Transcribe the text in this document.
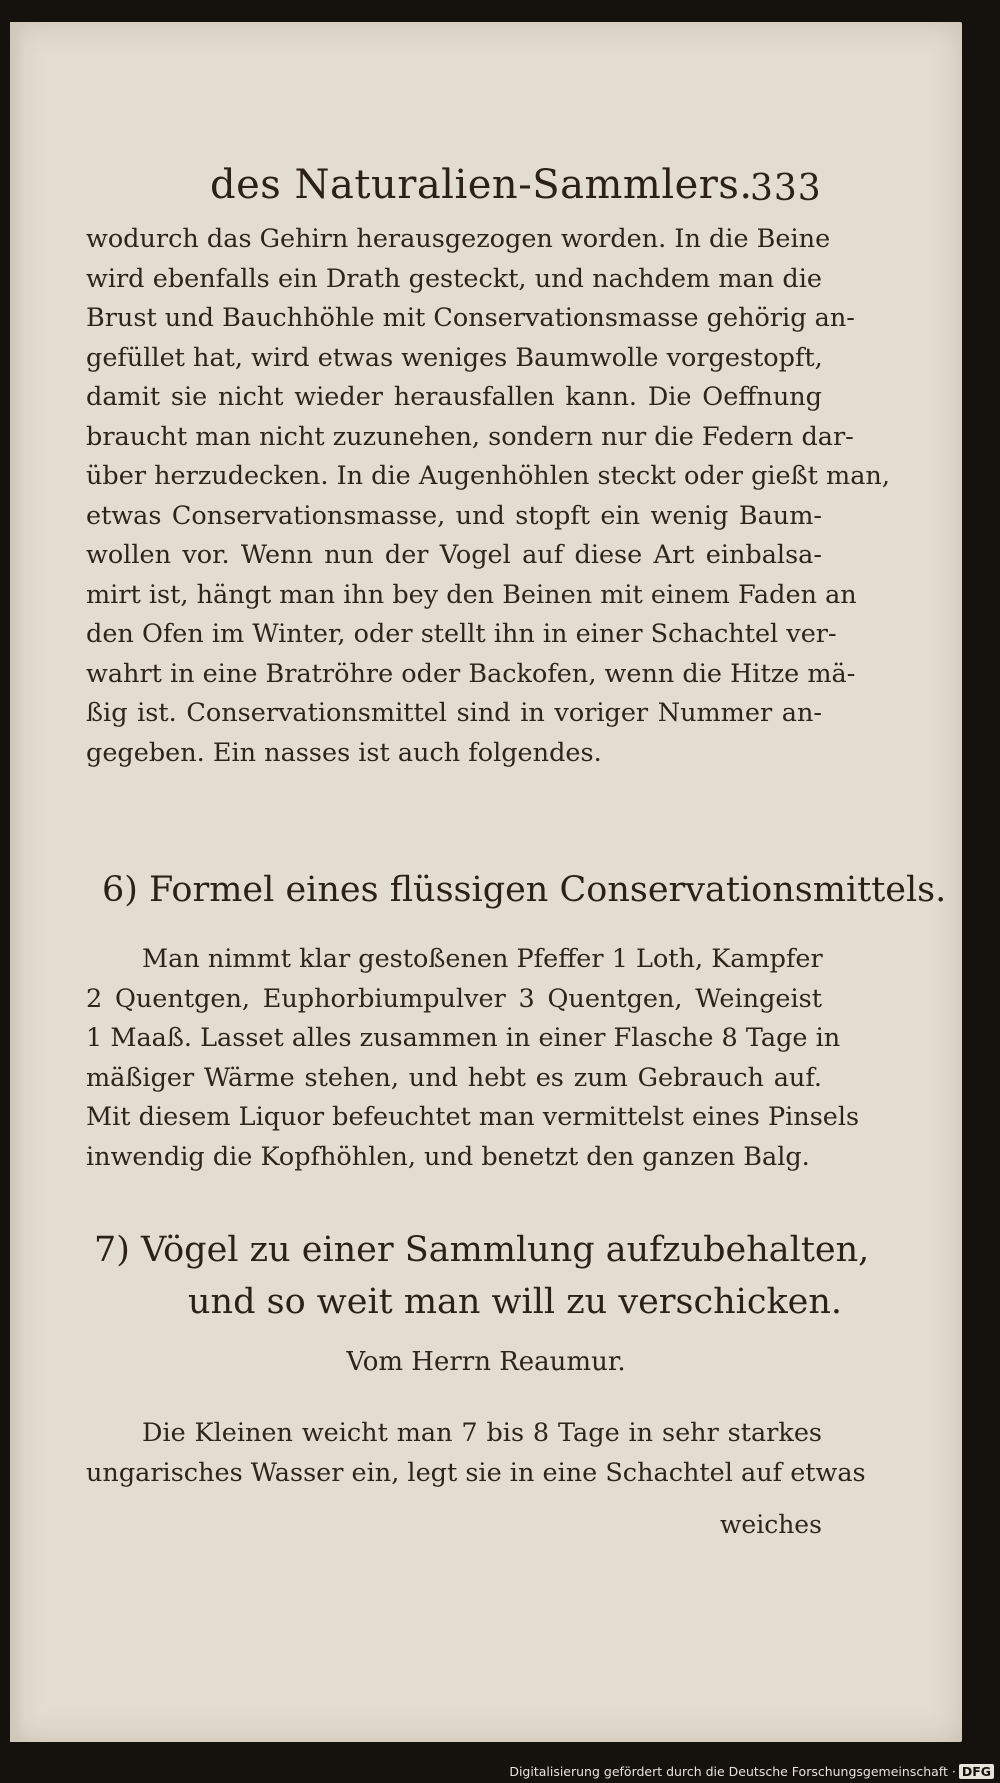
des Naturalien-Sammlers.
333
wodurch das Gehirn herausgezogen worden. In die Beine
wird ebenfalls ein Drath gesteckt, und nachdem man die
Brust und Bauchhöhle mit Conservationsmasse gehörig an-
gefüllet hat, wird etwas weniges Baumwolle vorgestopft,
damit sie nicht wieder herausfallen kann. Die Oeffnung
braucht man nicht zuzunehen, sondern nur die Federn dar-
über herzudecken. In die Augenhöhlen steckt oder gießt man,
etwas Conservationsmasse, und stopft ein wenig Baum-
wollen vor. Wenn nun der Vogel auf diese Art einbalsa-
mirt ist, hängt man ihn bey den Beinen mit einem Faden an
den Ofen im Winter, oder stellt ihn in einer Schachtel ver-
wahrt in eine Bratröhre oder Backofen, wenn die Hitze mä-
ßig ist. Conservationsmittel sind in voriger Nummer an-
gegeben. Ein nasses ist auch folgendes.
6) Formel eines flüssigen Conservationsmittels.
Man nimmt klar gestoßenen Pfeffer 1 Loth, Kampfer
2 Quentgen, Euphorbiumpulver 3 Quentgen, Weingeist
1 Maaß. Lasset alles zusammen in einer Flasche 8 Tage in
mäßiger Wärme stehen, und hebt es zum Gebrauch auf.
Mit diesem Liquor befeuchtet man vermittelst eines Pinsels
inwendig die Kopfhöhlen, und benetzt den ganzen Balg.
7) Vögel zu einer Sammlung aufzubehalten,
und so weit man will zu verschicken.
Vom Herrn Reaumur.
Die Kleinen weicht man 7 bis 8 Tage in sehr starkes
ungarisches Wasser ein, legt sie in eine Schachtel auf etwas
weiches
Digitalisierung gefördert durch die Deutsche Forschungsgemeinschaft · DFG
